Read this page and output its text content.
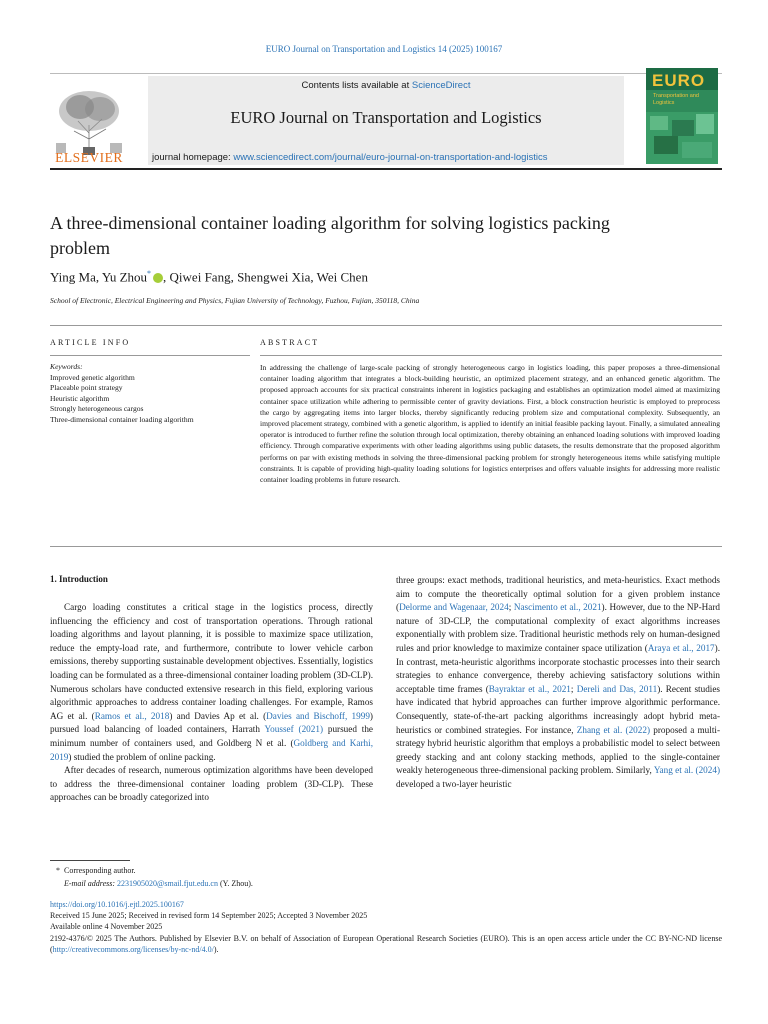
EURO Journal on Transportation and Logistics 14 (2025) 100167
ELSEVIER
Contents lists available at ScienceDirect
EURO Journal on Transportation and Logistics
journal homepage: www.sciencedirect.com/journal/euro-journal-on-transportation-and-logistics
EURO
Transportation and Logistics
A three-dimensional container loading algorithm for solving logistics packing problem
Ying Ma, Yu Zhou* , Qiwei Fang, Shengwei Xia, Wei Chen
School of Electronic, Electrical Engineering and Physics, Fujian University of Technology, Fuzhou, Fujian, 350118, China
ARTICLE INFO	ABSTRACT
Keywords:
Improved genetic algorithm
Placeable point strategy
Heuristic algorithm
Strongly heterogeneous cargos
Three-dimensional container loading algorithm
In addressing the challenge of large-scale packing of strongly heterogeneous cargo in logistics loading, this paper proposes a three-dimensional container loading algorithm that integrates a block-building heuristic, an optimized placement strategy, and an enhanced genetic algorithm. The proposed approach accounts for six practical constraints inherent in logistics packaging and establishes an optimization model aimed at maximizing container space utilization while adhering to permissible center of gravity deviations. First, a block construction heuristic is employed to preprocess the cargo by aggregating items into larger blocks, thereby significantly reducing problem size and computational complexity. Subsequently, an improved placement strategy, combined with a genetic algorithm, is applied to identify an initial feasible packing layout. Finally, a simulated annealing operator is introduced to further refine the solution through local optimization, thereby obtaining an enhanced loading solutions with improved loading efficiency. Through comparative experiments with other leading algorithms using public datasets, the results demonstrate that the proposed algorithm performs on par with existing methods in solving the three-dimensional packing problem for strongly heterogeneous items while satisfying multiple constraints. It is capable of providing high-quality loading solutions for logistics enterprises and offers valuable insights for addressing more realistic container loading problems in future research.
1. Introduction

Cargo loading constitutes a critical stage in the logistics process, directly influencing the efficiency and cost of transportation operations. Through rational loading algorithms and layout planning, it is possible to maximize space utilization, reduce the empty-load rate, and furthermore, contribute to lower vehicle carbon emissions, thereby supporting sustainable development objectives. Essentially, logistics loading can be formulated as a three-dimensional container loading problem (3D-CLP). Numerous scholars have conducted extensive research in this field, exploring various algorithmic approaches to address container loading challenges. For example, Ramos AG et al. (Ramos et al., 2018) and Davies Ap et al. (Davies and Bischoff, 1999) pursued load balancing of loaded containers, Harrath Youssef (2021) pursued the minimum number of containers used, and Goldberg N et al. (Goldberg and Karhi, 2019) studied the problem of online packing.

After decades of research, numerous optimization algorithms have been developed to address the three-dimensional container loading problem (3D-CLP). These approaches can be broadly categorized into

three groups: exact methods, traditional heuristics, and meta-heuristics. Exact methods aim to compute the theoretically optimal solution for a given problem instance (Delorme and Wagenaar, 2024; Nascimento et al., 2021). However, due to the NP-Hard nature of 3D-CLP, the computational complexity of exact algorithms increases exponentially with problem size. Traditional heuristic methods rely on human-designed rules and prior knowledge to maximize container space utilization (Araya et al., 2017). In contrast, meta-heuristic algorithms incorporate stochastic processes into their search strategies to enhance convergence, thereby achieving satisfactory solutions within acceptable time frames (Bayraktar et al., 2021; Dereli and Das, 2011). Recent studies have indicated that hybrid approaches can further improve algorithmic performance. Consequently, state-of-the-art packing algorithms increasingly adopt hybrid meta-heuristics or combined strategies. For instance, Zhang et al. (2022) proposed a multi-strategy hybrid heuristic algorithm that employs a probabilistic model to select between greedy stacking and ant colony stacking methods, applied to the single-container weakly heterogeneous three-dimensional packing problem. Similarly, Yang et al. (2024) developed a two-layer heuristic

* Corresponding author.
E-mail address: 2231905020@smail.fjut.edu.cn (Y. Zhou).
https://doi.org/10.1016/j.ejtl.2025.100167
Received 15 June 2025; Received in revised form 14 September 2025; Accepted 3 November 2025
Available online 4 November 2025
2192-4376/© 2025 The Authors. Published by Elsevier B.V. on behalf of Association of European Operational Research Societies (EURO). This is an open access article under the CC BY-NC-ND license (http://creativecommons.org/licenses/by-nc-nd/4.0/).
